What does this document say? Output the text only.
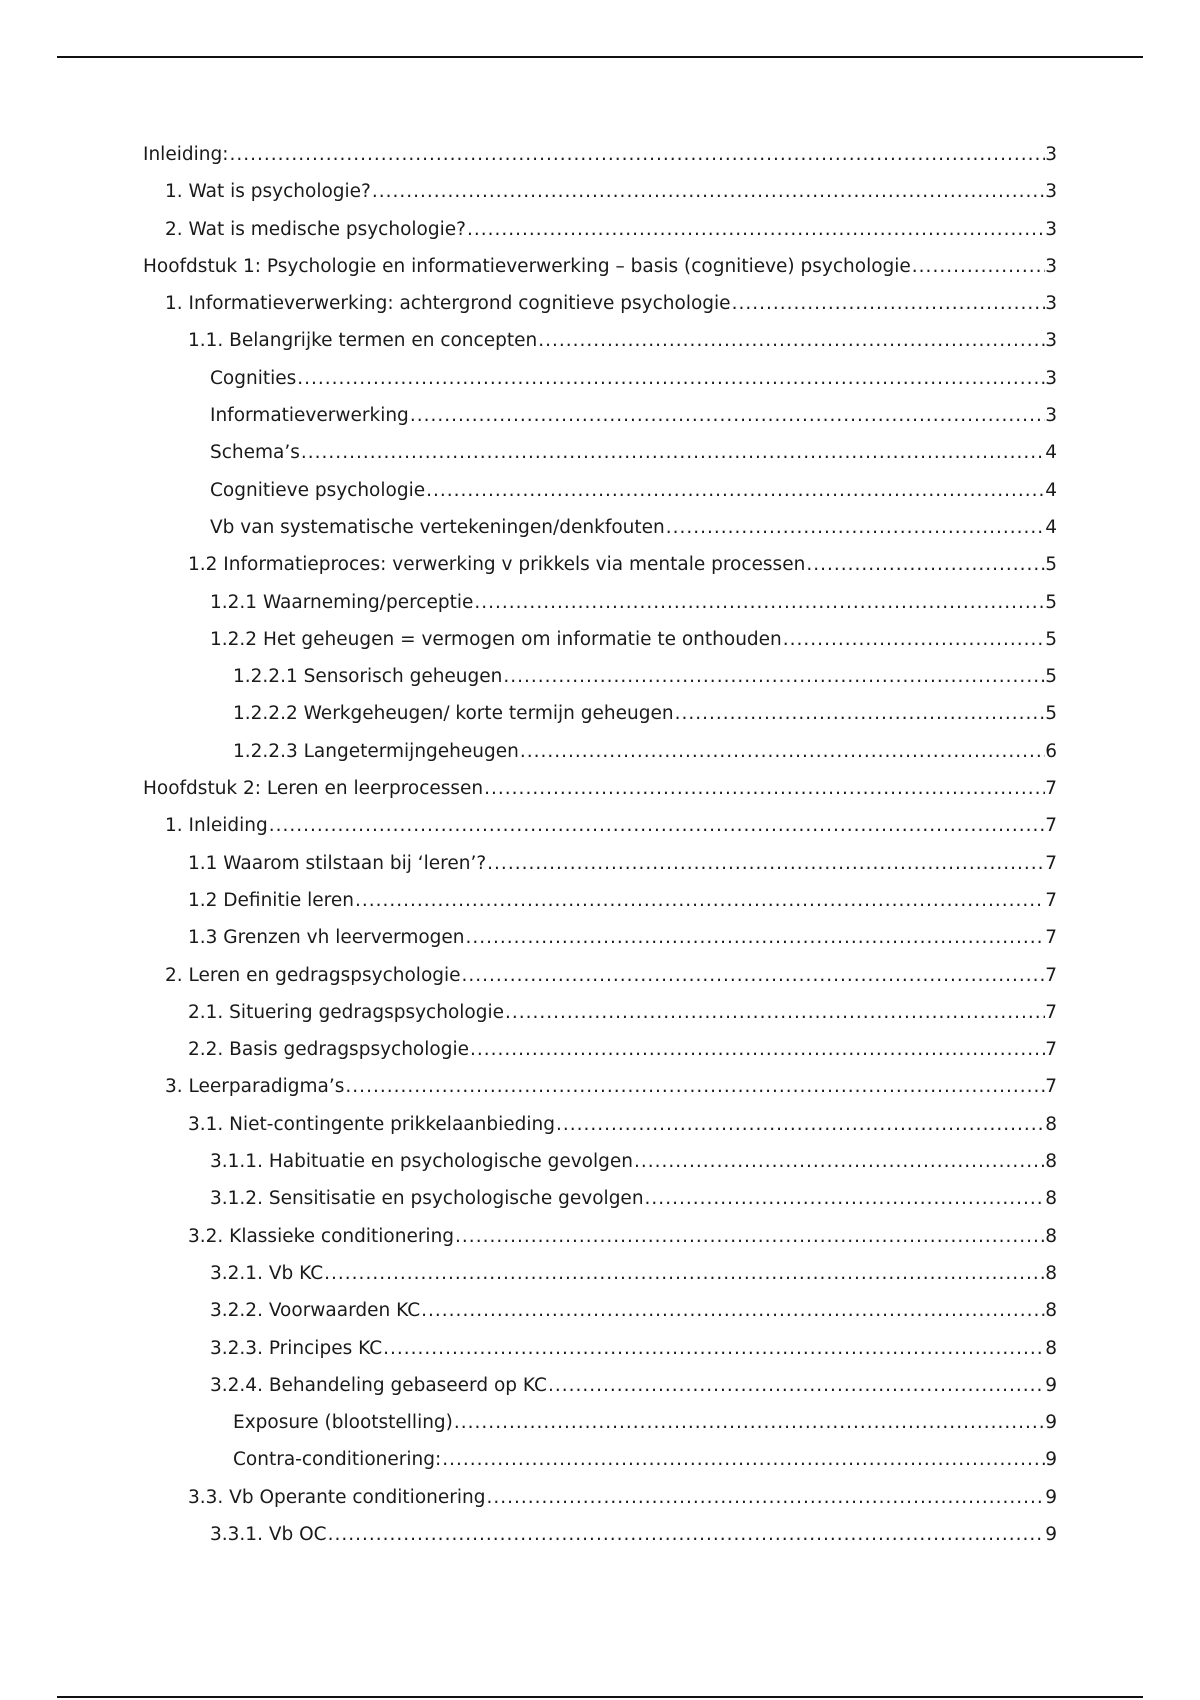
Inleiding: .....	3
1. Wat is psychologie? .....	3
2. Wat is medische psychologie? .....	3
Hoofdstuk 1: Psychologie en informatieverwerking – basis (cognitieve) psychologie .....	3
1. Informatieverwerking: achtergrond cognitieve psychologie .....	3
1.1. Belangrijke termen en concepten .....	3
Cognities .....	3
Informatieverwerking .....	3
Schema’s .....	4
Cognitieve psychologie .....	4
Vb van systematische vertekeningen/denkfouten .....	4
1.2 Informatieproces: verwerking v prikkels via mentale processen .....	5
1.2.1 Waarneming/perceptie .....	5
1.2.2 Het geheugen = vermogen om informatie te onthouden .....	5
1.2.2.1 Sensorisch geheugen .....	5
1.2.2.2 Werkgeheugen/ korte termijn geheugen .....	5
1.2.2.3 Langetermijngeheugen .....	6
Hoofdstuk 2: Leren en leerprocessen .....	7
1. Inleiding .....	7
1.1 Waarom stilstaan bij ‘leren’? .....	7
1.2 Definitie leren .....	7
1.3 Grenzen vh leervermogen .....	7
2. Leren en gedragspsychologie .....	7
2.1. Situering gedragspsychologie .....	7
2.2. Basis gedragspsychologie .....	7
3. Leerparadigma’s .....	7
3.1. Niet-contingente prikkelaanbieding .....	8
3.1.1. Habituatie en psychologische gevolgen .....	8
3.1.2. Sensitisatie en psychologische gevolgen .....	8
3.2. Klassieke conditionering .....	8
3.2.1. Vb KC .....	8
3.2.2. Voorwaarden KC .....	8
3.2.3. Principes KC .....	8
3.2.4. Behandeling gebaseerd op KC .....	9
Exposure (blootstelling) .....	9
Contra-conditionering: .....	9
3.3. Vb Operante conditionering .....	9
3.3.1. Vb OC .....	9
